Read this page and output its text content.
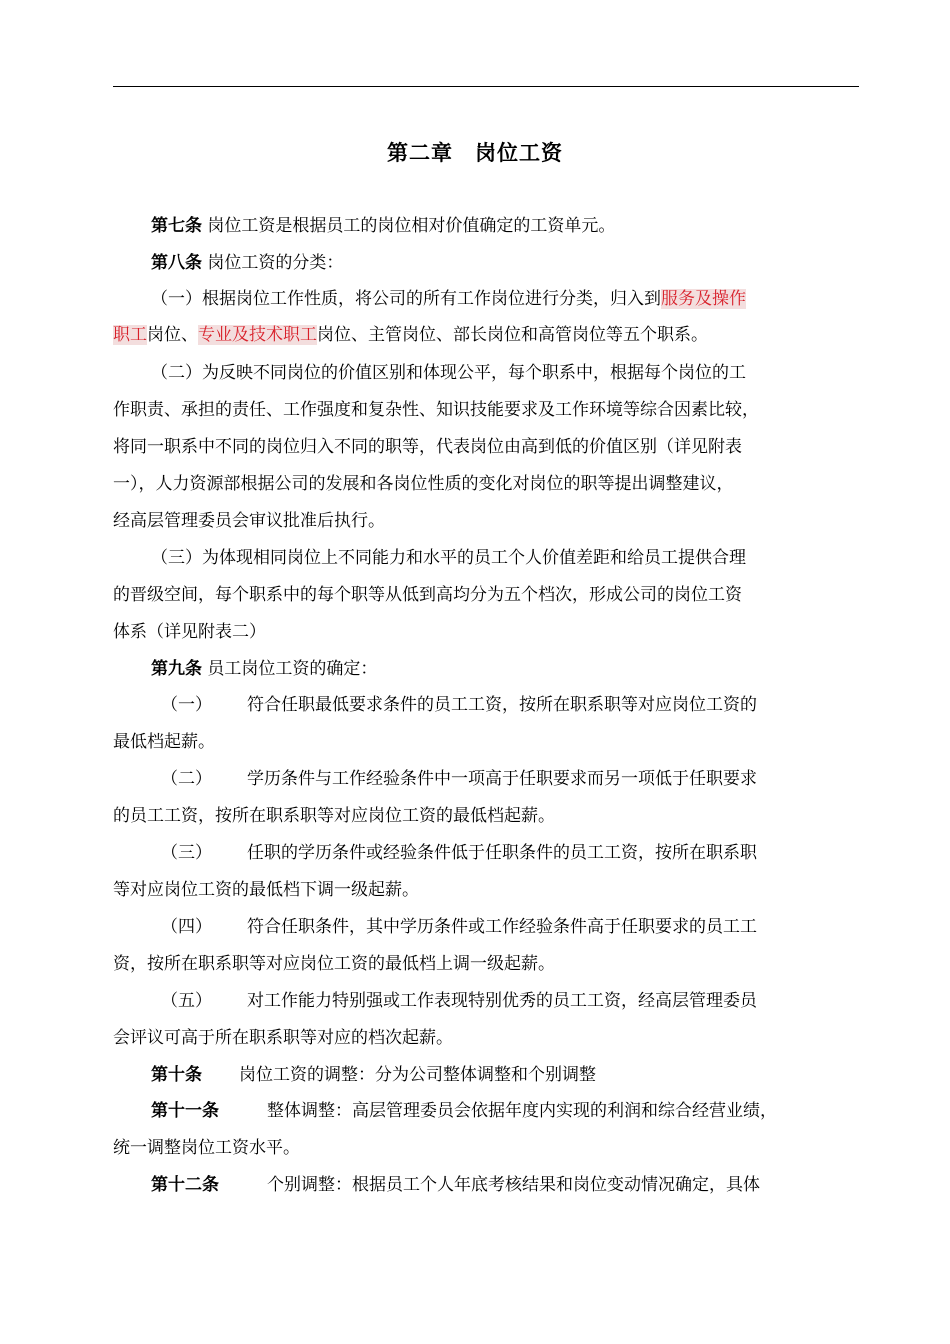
第二章　岗位工资
第七条 岗位工资是根据员工的岗位相对价值确定的工资单元。
第八条 岗位工资的分类：
（一）根据岗位工作性质，将公司的所有工作岗位进行分类，归入到服务及操作
职工岗位、专业及技术职工岗位、主管岗位、部长岗位和高管岗位等五个职系。
（二）为反映不同岗位的价值区别和体现公平，每个职系中，根据每个岗位的工
作职责、承担的责任、工作强度和复杂性、知识技能要求及工作环境等综合因素比较，
将同一职系中不同的岗位归入不同的职等，代表岗位由高到低的价值区别（详见附表
一），人力资源部根据公司的发展和各岗位性质的变化对岗位的职等提出调整建议，
经高层管理委员会审议批准后执行。
（三）为体现相同岗位上不同能力和水平的员工个人价值差距和给员工提供合理
的晋级空间，每个职系中的每个职等从低到高均分为五个档次，形成公司的岗位工资
体系（详见附表二）
第九条 员工岗位工资的确定：
（一） 符合任职最低要求条件的员工工资，按所在职系职等对应岗位工资的
最低档起薪。
（二） 学历条件与工作经验条件中一项高于任职要求而另一项低于任职要求
的员工工资，按所在职系职等对应岗位工资的最低档起薪。
（三） 任职的学历条件或经验条件低于任职条件的员工工资，按所在职系职
等对应岗位工资的最低档下调一级起薪。
（四） 符合任职条件，其中学历条件或工作经验条件高于任职要求的员工工
资，按所在职系职等对应岗位工资的最低档上调一级起薪。
（五） 对工作能力特别强或工作表现特别优秀的员工工资，经高层管理委员
会评议可高于所在职系职等对应的档次起薪。
第十条 岗位工资的调整：分为公司整体调整和个别调整
第十一条	整体调整：高层管理委员会依据年度内实现的利润和综合经营业绩，
统一调整岗位工资水平。
第十二条	个别调整：根据员工个人年底考核结果和岗位变动情况确定，具体
